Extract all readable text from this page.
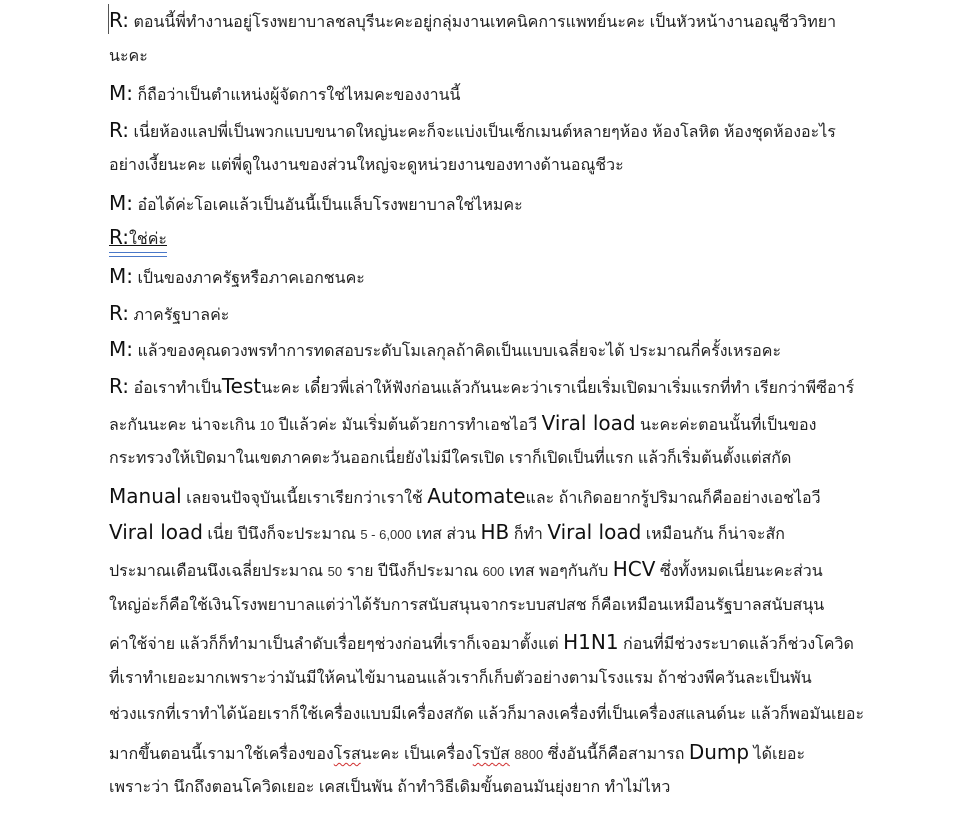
R: ตอนนี้พี่ทำงานอยู่โรงพยาบาลชลบุรีนะคะอยู่กลุ่มงานเทคนิคการแพทย์นะคะ เป็นหัวหน้างานอณูชีววิทยา
นะคะ
M: ก็ถือว่าเป็นตำแหน่งผู้จัดการใช่ไหมคะของงานนี้
R: เนี่ยห้องแลปพี่เป็นพวกแบบขนาดใหญ่นะคะก็จะแบ่งเป็นเซ็กเมนต์หลายๆห้อง ห้องโลหิต ห้องชุดห้องอะไร
อย่างเงี้ยนะคะ แต่พี่ดูในงานของส่วนใหญ่จะดูหน่วยงานของทางด้านอณูชีวะ
M: อ๋อได้ค่ะโอเคแล้วเป็นอันนี้เป็นแล็บโรงพยาบาลใช่ไหมคะ
R:ใช่ค่ะ
M: เป็นของภาครัฐหรือภาคเอกชนคะ
R: ภาครัฐบาลค่ะ
M: แล้วของคุณดวงพรทำการทดสอบระดับโมเลกุลถ้าคิดเป็นแบบเฉลี่ยจะได้ ประมาณกี่ครั้งเหรอคะ
R: อ๋อเราทำเป็นTestนะคะ เดี๋ยวพี่เล่าให้ฟังก่อนแล้วกันนะคะว่าเราเนี่ยเริ่มเปิดมาเริ่มแรกที่ทำ เรียกว่าพีซีอาร์
ละกันนะคะ น่าจะเกิน 10 ปีแล้วค่ะ มันเริ่มต้นด้วยการทำเอชไอวี Viral load นะคะค่ะตอนนั้นที่เป็นของ
กระทรวงให้เปิดมาในเขตภาคตะวันออกเนี่ยยังไม่มีใครเปิด เราก็เปิดเป็นที่แรก แล้วก็เริ่มต้นตั้งแต่สกัด
Manual เลยจนปัจจุบันเนี้ยเราเรียกว่าเราใช้ Automateและ ถ้าเกิดอยากรู้ปริมาณก็คืออย่างเอชไอวี
Viral load เนี่ย ปีนึงก็จะประมาณ 5 - 6,000 เทส ส่วน HB ก็ทำ Viral load เหมือนกัน ก็น่าจะสัก
ประมาณเดือนนึงเฉลี่ยประมาณ 50 ราย ปีนึงก็ประมาณ 600 เทส พอๆกันกับ HCV ซึ่งทั้งหมดเนี่ยนะคะส่วน
ใหญ่อ่ะก็คือใช้เงินโรงพยาบาลแต่ว่าได้รับการสนับสนุนจากระบบสปสช ก็คือเหมือนเหมือนรัฐบาลสนับสนุน
ค่าใช้จ่าย แล้วก็ก็ทำมาเป็นลำดับเรื่อยๆช่วงก่อนที่เราก็เจอมาตั้งแต่ H1N1 ก่อนที่มีช่วงระบาดแล้วก็ช่วงโควิด
ที่เราทำเยอะมากเพราะว่ามันมีให้คนไข้มานอนแล้วเราก็เก็บตัวอย่างตามโรงแรม ถ้าช่วงพีควันละเป็นพัน
ช่วงแรกที่เราทำได้น้อยเราก็ใช้เครื่องแบบมีเครื่องสกัด แล้วก็มาลงเครื่องที่เป็นเครื่องสแลนด์นะ แล้วก็พอมันเยอะ
มากขึ้นตอนนี้เรามาใช้เครื่องของโรสนะคะ เป็นเครื่องโรบัส 8800 ซึ่งอันนี้ก็คือสามารถ Dump ได้เยอะ
เพราะว่า นึกถึงตอนโควิดเยอะ เคสเป็นพัน ถ้าทำวิธีเดิมขั้นตอนมันยุ่งยาก ทำไม่ไหว
